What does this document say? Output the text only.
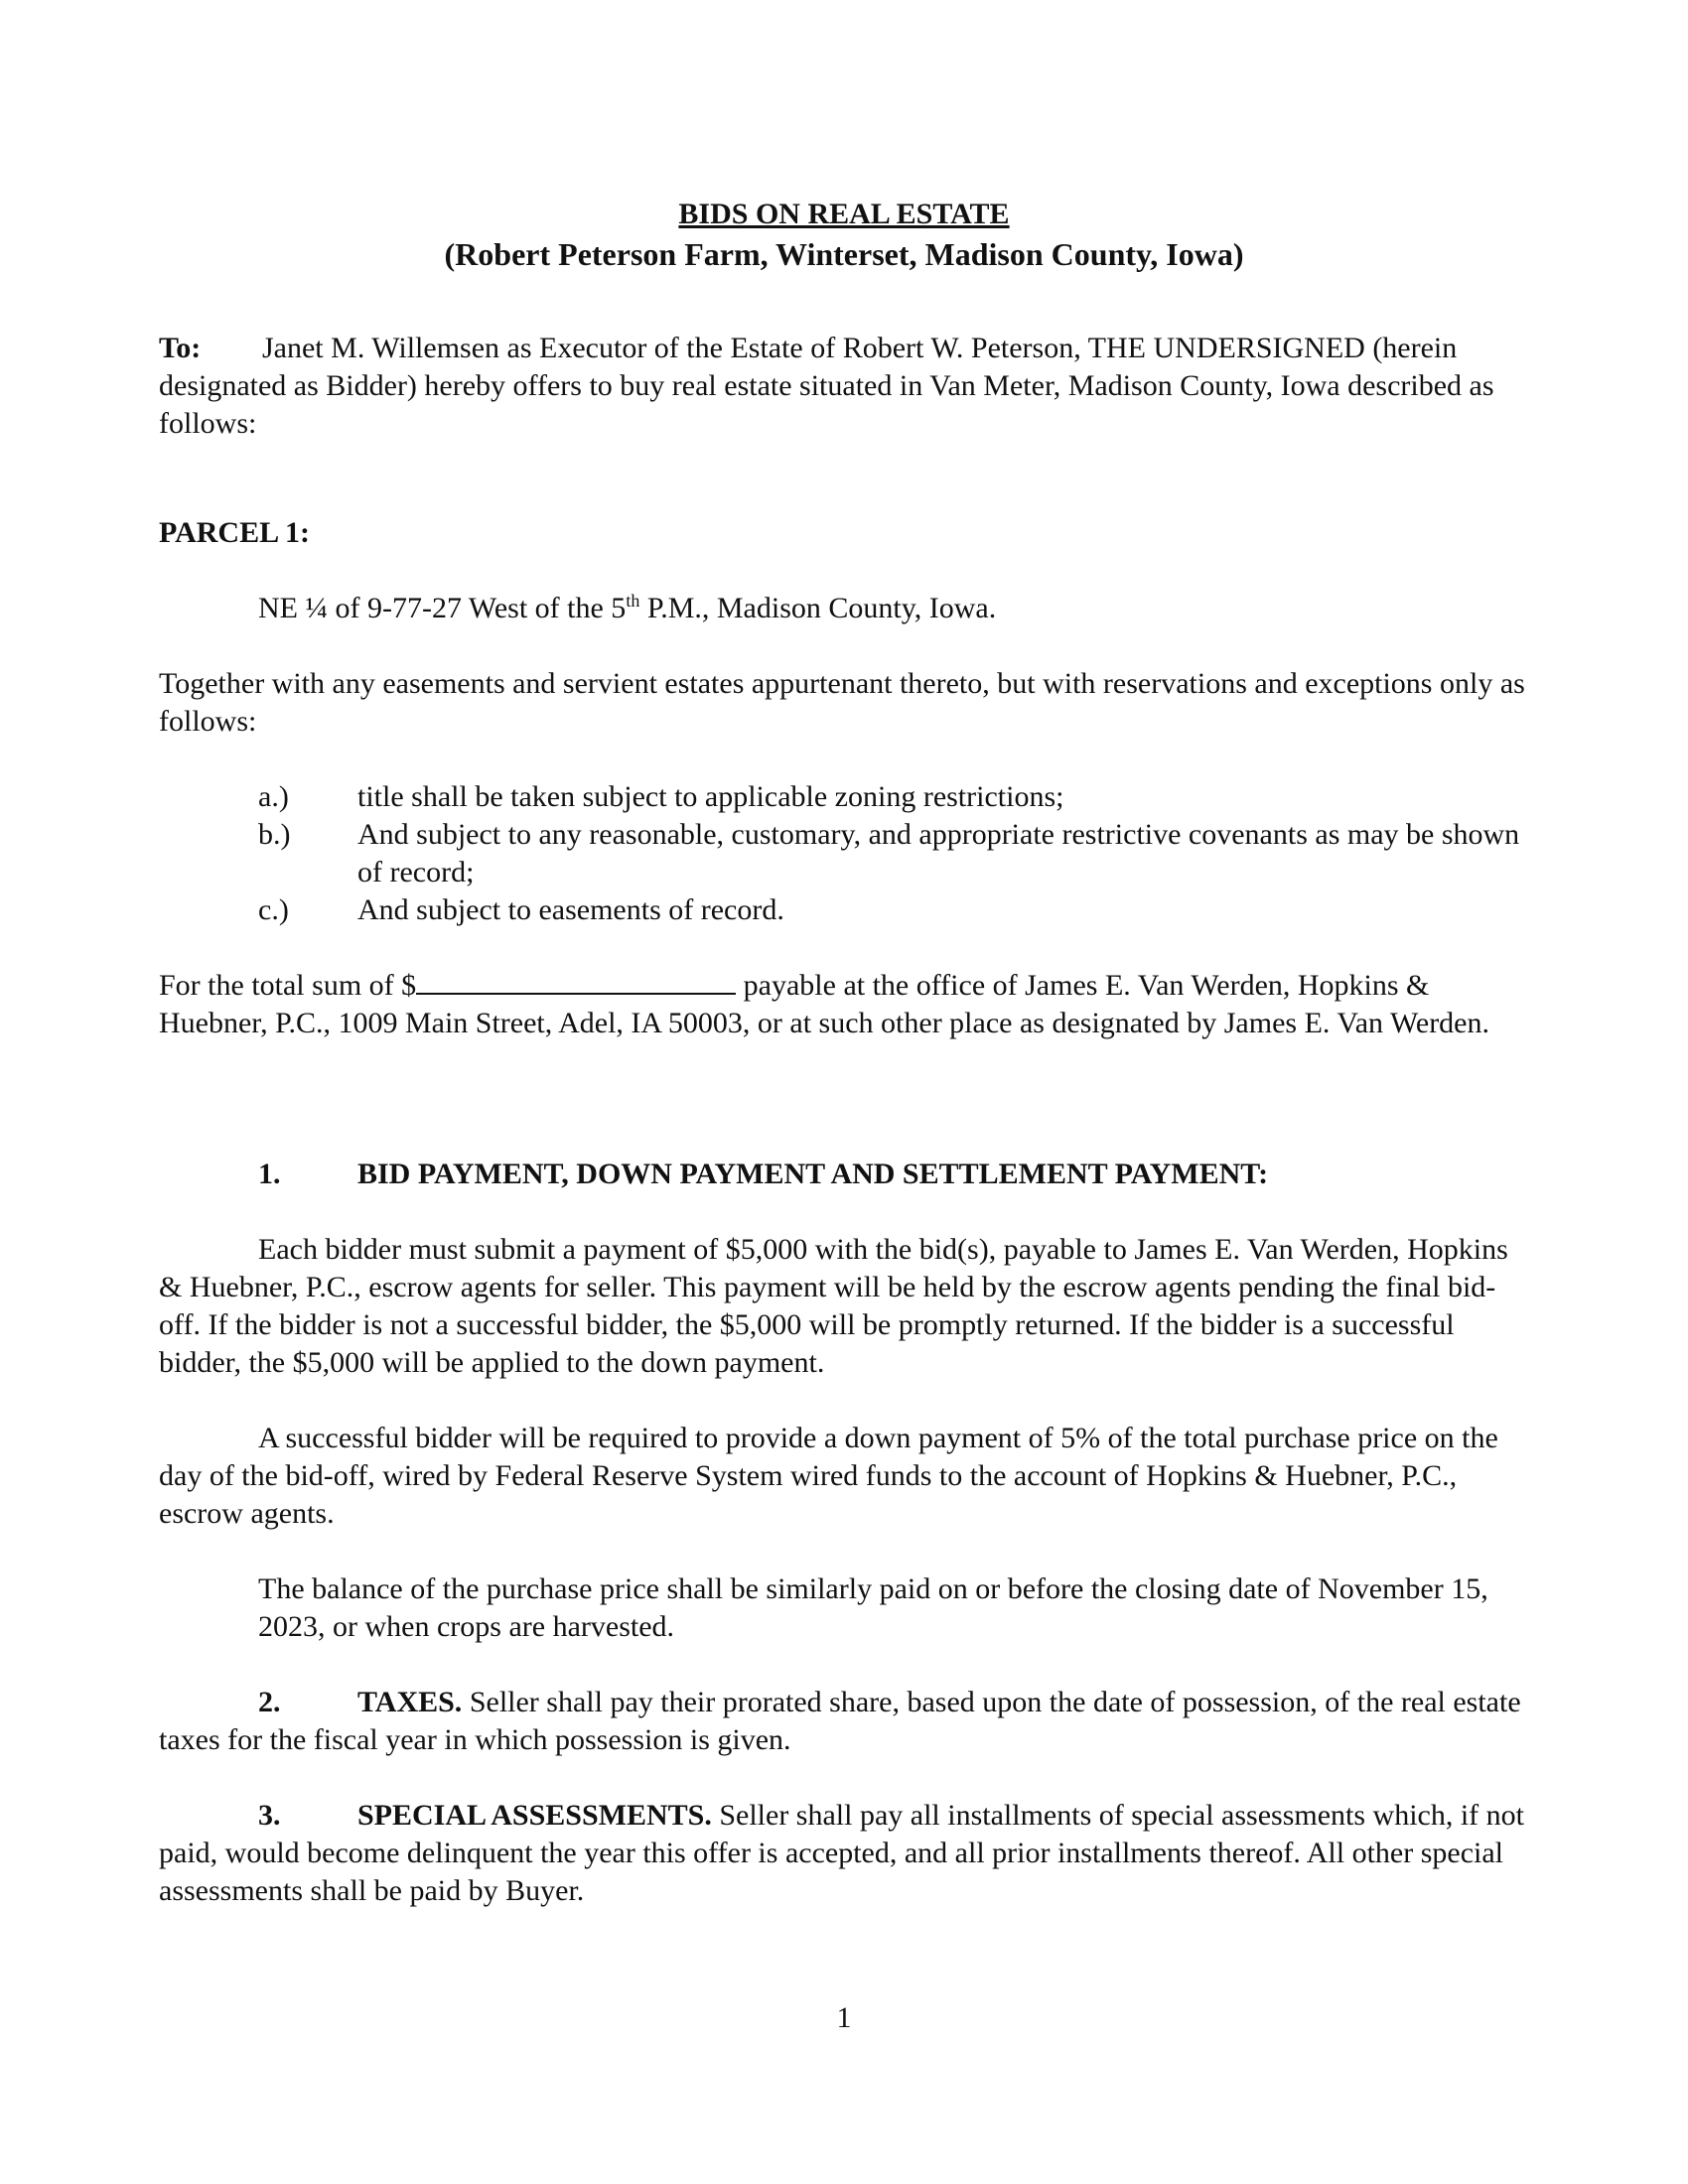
BIDS ON REAL ESTATE
(Robert Peterson Farm, Winterset, Madison County, Iowa)

To: Janet M. Willemsen as Executor of the Estate of Robert W. Peterson, THE UNDERSIGNED (herein designated as Bidder) hereby offers to buy real estate situated in Van Meter, Madison County, Iowa described as follows:

PARCEL 1:

NE ¼ of 9-77-27 West of the 5th P.M., Madison County, Iowa.

Together with any easements and servient estates appurtenant thereto, but with reservations and exceptions only as follows:

a.)	title shall be taken subject to applicable zoning restrictions;
b.)	And subject to any reasonable, customary, and appropriate restrictive covenants as may be shown of record;
c.)	And subject to easements of record.

For the total sum of $	payable at the office of James E. Van Werden, Hopkins & Huebner, P.C., 1009 Main Street, Adel, IA 50003, or at such other place as designated by James E. Van Werden.

1.	BID PAYMENT, DOWN PAYMENT AND SETTLEMENT PAYMENT:

Each bidder must submit a payment of $5,000 with the bid(s), payable to James E. Van Werden, Hopkins & Huebner, P.C., escrow agents for seller. This payment will be held by the escrow agents pending the final bid-off. If the bidder is not a successful bidder, the $5,000 will be promptly returned. If the bidder is a successful bidder, the $5,000 will be applied to the down payment.

A successful bidder will be required to provide a down payment of 5% of the total purchase price on the day of the bid-off, wired by Federal Reserve System wired funds to the account of Hopkins & Huebner, P.C., escrow agents.

The balance of the purchase price shall be similarly paid on or before the closing date of November 15, 2023, or when crops are harvested.

2.	TAXES. Seller shall pay their prorated share, based upon the date of possession, of the real estate taxes for the fiscal year in which possession is given.

3.	SPECIAL ASSESSMENTS. Seller shall pay all installments of special assessments which, if not paid, would become delinquent the year this offer is accepted, and all prior installments thereof. All other special assessments shall be paid by Buyer.

1
